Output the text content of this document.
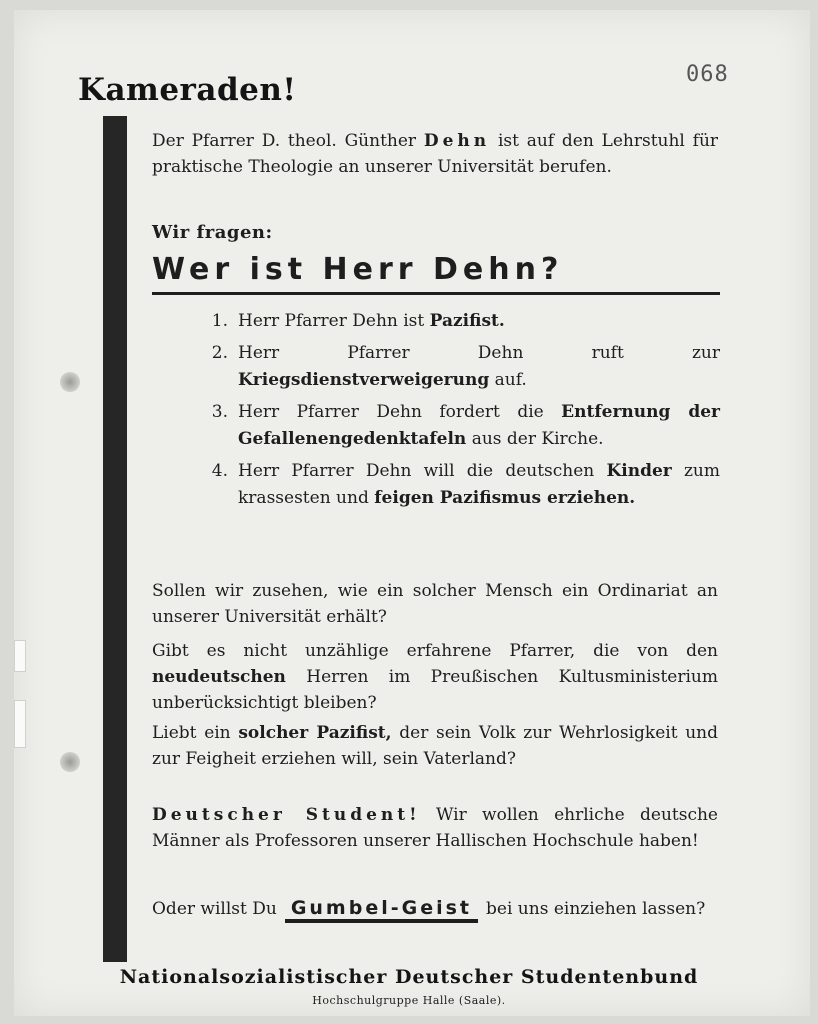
068
Kameraden!
Der Pfarrer D. theol. Günther Dehn ist auf den Lehrstuhl für praktische Theologie an unserer Universität berufen.
Wir fragen:
Wer ist Herr Dehn?
1. Herr Pfarrer Dehn ist Pazifist.
2. Herr Pfarrer Dehn ruft zur Kriegsdienstverweigerung auf.
3. Herr Pfarrer Dehn fordert die Entfernung der Gefallenengedenktafeln aus der Kirche.
4. Herr Pfarrer Dehn will die deutschen Kinder zum krassesten und feigen Pazifismus erziehen.
Sollen wir zusehen, wie ein solcher Mensch ein Ordinariat an unserer Universität erhält?
Gibt es nicht unzählige erfahrene Pfarrer, die von den neudeutschen Herren im Preußischen Kultusministerium unberücksichtigt bleiben?
Liebt ein solcher Pazifist, der sein Volk zur Wehrlosigkeit und zur Feigheit erziehen will, sein Vaterland?
Deutscher Student! Wir wollen ehrliche deutsche Männer als Professoren unserer Hallischen Hochschule haben!
Oder willst Du Gumbel-Geist bei uns einziehen lassen?
Nationalsozialistischer Deutscher Studentenbund
Hochschulgruppe Halle (Saale).
